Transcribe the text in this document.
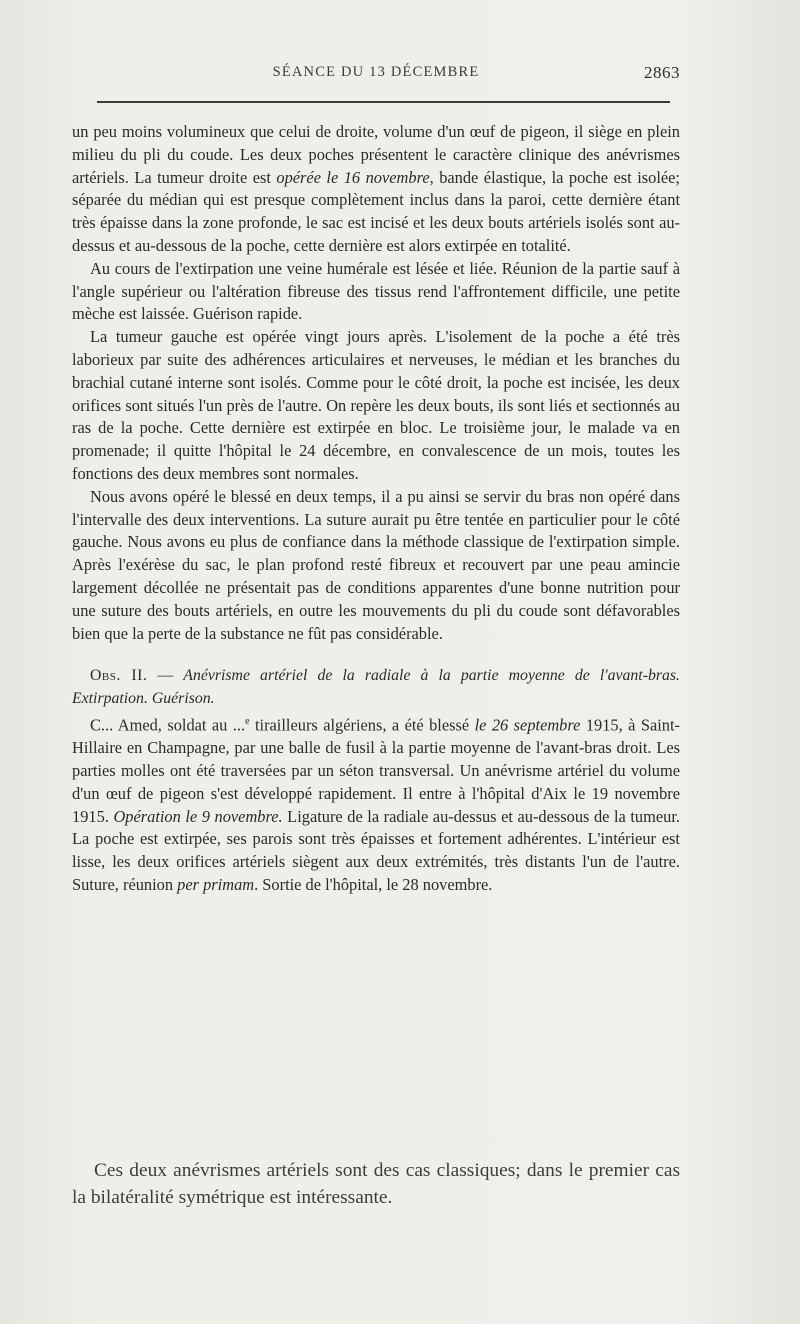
SÉANCE DU 13 DÉCEMBRE	2863

un peu moins volumineux que celui de droite, volume d'un œuf de pigeon, il siège en plein milieu du pli du coude. Les deux poches présentent le caractère clinique des anévrismes artériels. La tumeur droite est opérée le 16 novembre, bande élastique, la poche est isolée; séparée du médian qui est presque complètement inclus dans la paroi, cette dernière étant très épaisse dans la zone profonde, le sac est incisé et les deux bouts artériels isolés sont au-dessus et au-dessous de la poche, cette dernière est alors extirpée en totalité.

Au cours de l'extirpation une veine humérale est lésée et liée. Réunion de la partie sauf à l'angle supérieur ou l'altération fibreuse des tissus rend l'affrontement difficile, une petite mèche est laissée. Guérison rapide.

La tumeur gauche est opérée vingt jours après. L'isolement de la poche a été très laborieux par suite des adhérences articulaires et nerveuses, le médian et les branches du brachial cutané interne sont isolés. Comme pour le côté droit, la poche est incisée, les deux orifices sont situés l'un près de l'autre. On repère les deux bouts, ils sont liés et sectionnés au ras de la poche. Cette dernière est extirpée en bloc. Le troisième jour, le malade va en promenade; il quitte l'hôpital le 24 décembre, en convalescence de un mois, toutes les fonctions des deux membres sont normales.

Nous avons opéré le blessé en deux temps, il a pu ainsi se servir du bras non opéré dans l'intervalle des deux interventions. La suture aurait pu être tentée en particulier pour le côté gauche. Nous avons eu plus de confiance dans la méthode classique de l'extirpation simple. Après l'exérèse du sac, le plan profond resté fibreux et recouvert par une peau amincie largement décollée ne présentait pas de conditions apparentes d'une bonne nutrition pour une suture des bouts artériels, en outre les mouvements du pli du coude sont défavorables bien que la perte de la substance ne fût pas considérable.

Obs. II. — Anévrisme artériel de la radiale à la partie moyenne de l'avant-bras. Extirpation. Guérison.

C... Amed, soldat au ...$^e$ tirailleurs algériens, a été blessé le 26 septembre 1915, à Saint-Hillaire en Champagne, par une balle de fusil à la partie moyenne de l'avant-bras droit. Les parties molles ont été traversées par un séton transversal. Un anévrisme artériel du volume d'un œuf de pigeon s'est développé rapidement. Il entre à l'hôpital d'Aix le 19 novembre 1915. Opération le 9 novembre. Ligature de la radiale au-dessus et au-dessous de la tumeur. La poche est extirpée, ses parois sont très épaisses et fortement adhérentes. L'intérieur est lisse, les deux orifices artériels siègent aux deux extrémités, très distants l'un de l'autre. Suture, réunion per primam. Sortie de l'hôpital, le 28 novembre.

Ces deux anévrismes artériels sont des cas classiques; dans le premier cas la bilatéralité symétrique est intéressante.
